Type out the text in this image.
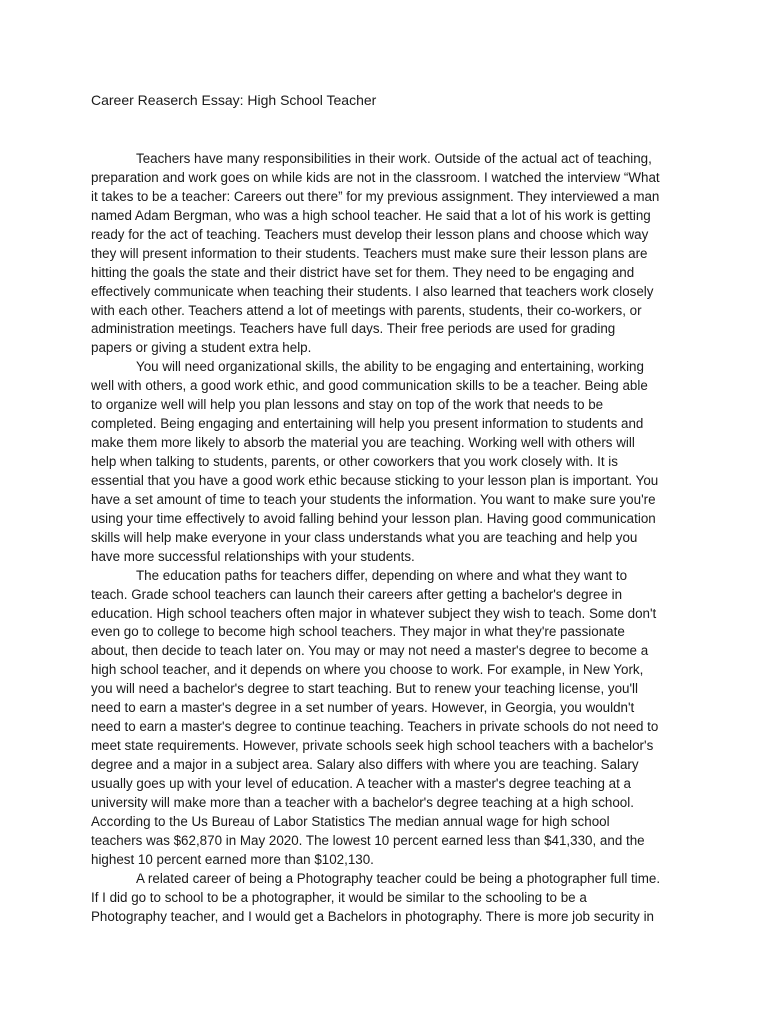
Career Reaserch Essay: High School Teacher
Teachers have many responsibilities in their work. Outside of the actual act of teaching,
preparation and work goes on while kids are not in the classroom. I watched the interview “What
it takes to be a teacher: Careers out there” for my previous assignment. They interviewed a man
named Adam Bergman, who was a high school teacher. He said that a lot of his work is getting
ready for the act of teaching. Teachers must develop their lesson plans and choose which way
they will present information to their students. Teachers must make sure their lesson plans are
hitting the goals the state and their district have set for them. They need to be engaging and
effectively communicate when teaching their students. I also learned that teachers work closely
with each other. Teachers attend a lot of meetings with parents, students, their co-workers, or
administration meetings. Teachers have full days. Their free periods are used for grading
papers or giving a student extra help.
You will need organizational skills, the ability to be engaging and entertaining, working
well with others, a good work ethic, and good communication skills to be a teacher. Being able
to organize well will help you plan lessons and stay on top of the work that needs to be
completed. Being engaging and entertaining will help you present information to students and
make them more likely to absorb the material you are teaching. Working well with others will
help when talking to students, parents, or other coworkers that you work closely with. It is
essential that you have a good work ethic because sticking to your lesson plan is important. You
have a set amount of time to teach your students the information. You want to make sure you're
using your time effectively to avoid falling behind your lesson plan. Having good communication
skills will help make everyone in your class understands what you are teaching and help you
have more successful relationships with your students.
The education paths for teachers differ, depending on where and what they want to
teach. Grade school teachers can launch their careers after getting a bachelor's degree in
education. High school teachers often major in whatever subject they wish to teach. Some don't
even go to college to become high school teachers. They major in what they're passionate
about, then decide to teach later on. You may or may not need a master's degree to become a
high school teacher, and it depends on where you choose to work. For example, in New York,
you will need a bachelor's degree to start teaching. But to renew your teaching license, you'll
need to earn a master's degree in a set number of years. However, in Georgia, you wouldn't
need to earn a master's degree to continue teaching. Teachers in private schools do not need to
meet state requirements. However, private schools seek high school teachers with a bachelor's
degree and a major in a subject area. Salary also differs with where you are teaching. Salary
usually goes up with your level of education. A teacher with a master's degree teaching at a
university will make more than a teacher with a bachelor's degree teaching at a high school.
According to the Us Bureau of Labor Statistics The median annual wage for high school
teachers was $62,870 in May 2020. The lowest 10 percent earned less than $41,330, and the
highest 10 percent earned more than $102,130.
A related career of being a Photography teacher could be being a photographer full time.
If I did go to school to be a photographer, it would be similar to the schooling to be a
Photography teacher, and I would get a Bachelors in photography. There is more job security in
